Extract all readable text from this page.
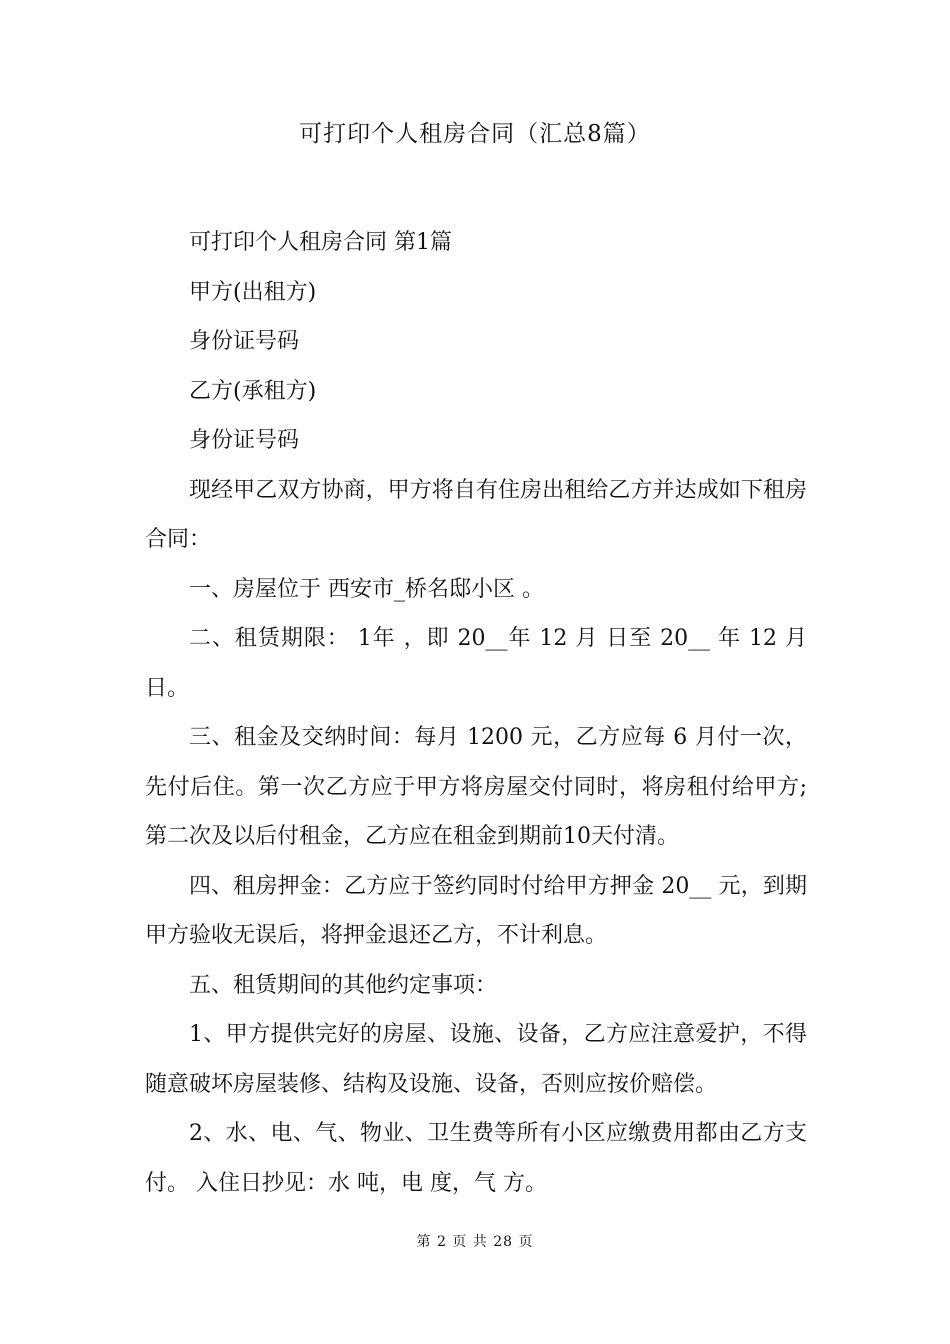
可打印个人租房合同（汇总8篇）

可打印个人租房合同 第1篇

甲方(出租方)

身份证号码

乙方(承租方)

身份证号码

现经甲乙双方协商，甲方将自有住房出租给乙方并达成如下租房合同：

一、房屋位于 西安市_桥名邸小区 。

二、租赁期限： 1年 ，即 20__年 12 月 日至 20__ 年 12 月 日。

三、租金及交纳时间：每月 1200 元，乙方应每 6 月付一次，先付后住。第一次乙方应于甲方将房屋交付同时，将房租付给甲方;第二次及以后付租金，乙方应在租金到期前10天付清。

四、租房押金：乙方应于签约同时付给甲方押金 20__ 元，到期甲方验收无误后，将押金退还乙方，不计利息。

五、租赁期间的其他约定事项：

1、甲方提供完好的房屋、设施、设备，乙方应注意爱护，不得随意破坏房屋装修、结构及设施、设备，否则应按价赔偿。

2、水、电、气、物业、卫生费等所有小区应缴费用都由乙方支付。 入住日抄见：水 吨，电 度，气 方。

第 2 页 共 28 页
